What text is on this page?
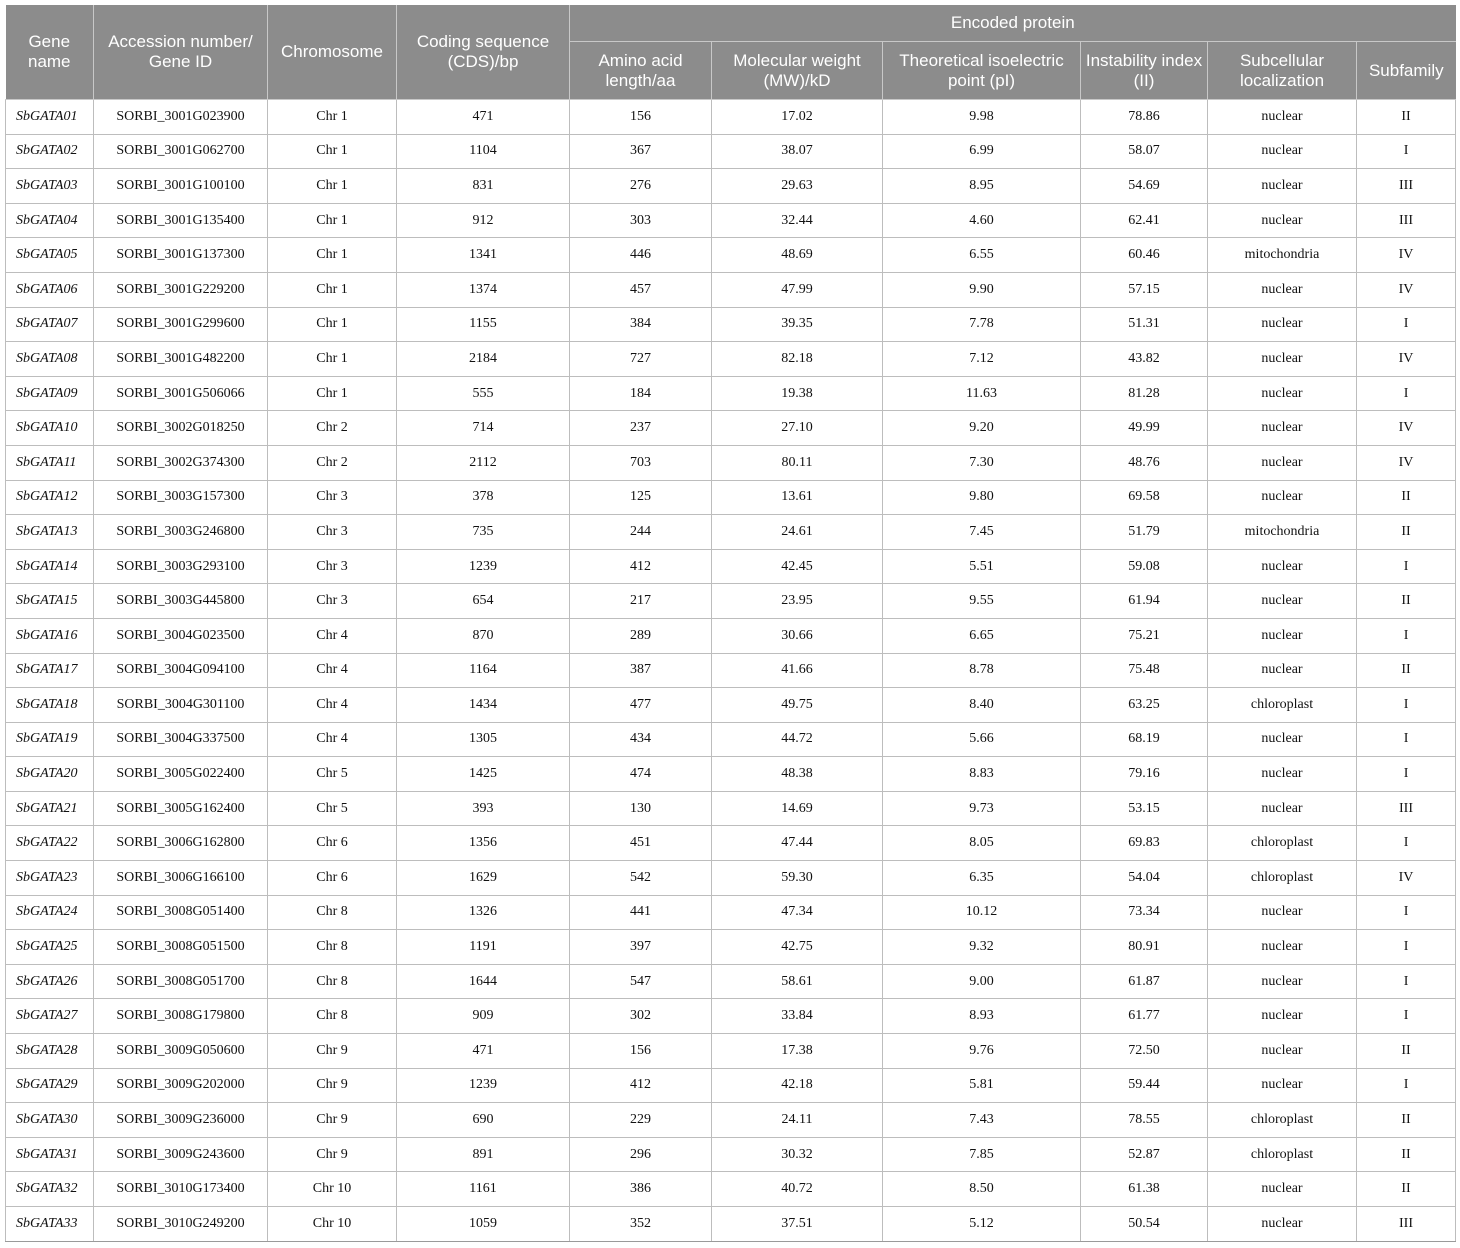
Gene name	Accession number/ Gene ID	Chromosome	Coding sequence (CDS)/bp	Encoded protein					
				Amino acid length/aa	Molecular weight (MW)/kD	Theoretical isoelectric point (pI)	Instability index (II)	Subcellular localization	Subfamily
SbGATA01	SORBI_3001G023900	Chr 1	471	156	17.02	9.98	78.86	nuclear	II
SbGATA02	SORBI_3001G062700	Chr 1	1104	367	38.07	6.99	58.07	nuclear	I
SbGATA03	SORBI_3001G100100	Chr 1	831	276	29.63	8.95	54.69	nuclear	III
SbGATA04	SORBI_3001G135400	Chr 1	912	303	32.44	4.60	62.41	nuclear	III
SbGATA05	SORBI_3001G137300	Chr 1	1341	446	48.69	6.55	60.46	mitochondria	IV
SbGATA06	SORBI_3001G229200	Chr 1	1374	457	47.99	9.90	57.15	nuclear	IV
SbGATA07	SORBI_3001G299600	Chr 1	1155	384	39.35	7.78	51.31	nuclear	I
SbGATA08	SORBI_3001G482200	Chr 1	2184	727	82.18	7.12	43.82	nuclear	IV
SbGATA09	SORBI_3001G506066	Chr 1	555	184	19.38	11.63	81.28	nuclear	I
SbGATA10	SORBI_3002G018250	Chr 2	714	237	27.10	9.20	49.99	nuclear	IV
SbGATA11	SORBI_3002G374300	Chr 2	2112	703	80.11	7.30	48.76	nuclear	IV
SbGATA12	SORBI_3003G157300	Chr 3	378	125	13.61	9.80	69.58	nuclear	II
SbGATA13	SORBI_3003G246800	Chr 3	735	244	24.61	7.45	51.79	mitochondria	II
SbGATA14	SORBI_3003G293100	Chr 3	1239	412	42.45	5.51	59.08	nuclear	I
SbGATA15	SORBI_3003G445800	Chr 3	654	217	23.95	9.55	61.94	nuclear	II
SbGATA16	SORBI_3004G023500	Chr 4	870	289	30.66	6.65	75.21	nuclear	I
SbGATA17	SORBI_3004G094100	Chr 4	1164	387	41.66	8.78	75.48	nuclear	II
SbGATA18	SORBI_3004G301100	Chr 4	1434	477	49.75	8.40	63.25	chloroplast	I
SbGATA19	SORBI_3004G337500	Chr 4	1305	434	44.72	5.66	68.19	nuclear	I
SbGATA20	SORBI_3005G022400	Chr 5	1425	474	48.38	8.83	79.16	nuclear	I
SbGATA21	SORBI_3005G162400	Chr 5	393	130	14.69	9.73	53.15	nuclear	III
SbGATA22	SORBI_3006G162800	Chr 6	1356	451	47.44	8.05	69.83	chloroplast	I
SbGATA23	SORBI_3006G166100	Chr 6	1629	542	59.30	6.35	54.04	chloroplast	IV
SbGATA24	SORBI_3008G051400	Chr 8	1326	441	47.34	10.12	73.34	nuclear	I
SbGATA25	SORBI_3008G051500	Chr 8	1191	397	42.75	9.32	80.91	nuclear	I
SbGATA26	SORBI_3008G051700	Chr 8	1644	547	58.61	9.00	61.87	nuclear	I
SbGATA27	SORBI_3008G179800	Chr 8	909	302	33.84	8.93	61.77	nuclear	I
SbGATA28	SORBI_3009G050600	Chr 9	471	156	17.38	9.76	72.50	nuclear	II
SbGATA29	SORBI_3009G202000	Chr 9	1239	412	42.18	5.81	59.44	nuclear	I
SbGATA30	SORBI_3009G236000	Chr 9	690	229	24.11	7.43	78.55	chloroplast	II
SbGATA31	SORBI_3009G243600	Chr 9	891	296	30.32	7.85	52.87	chloroplast	II
SbGATA32	SORBI_3010G173400	Chr 10	1161	386	40.72	8.50	61.38	nuclear	II
SbGATA33	SORBI_3010G249200	Chr 10	1059	352	37.51	5.12	50.54	nuclear	III
